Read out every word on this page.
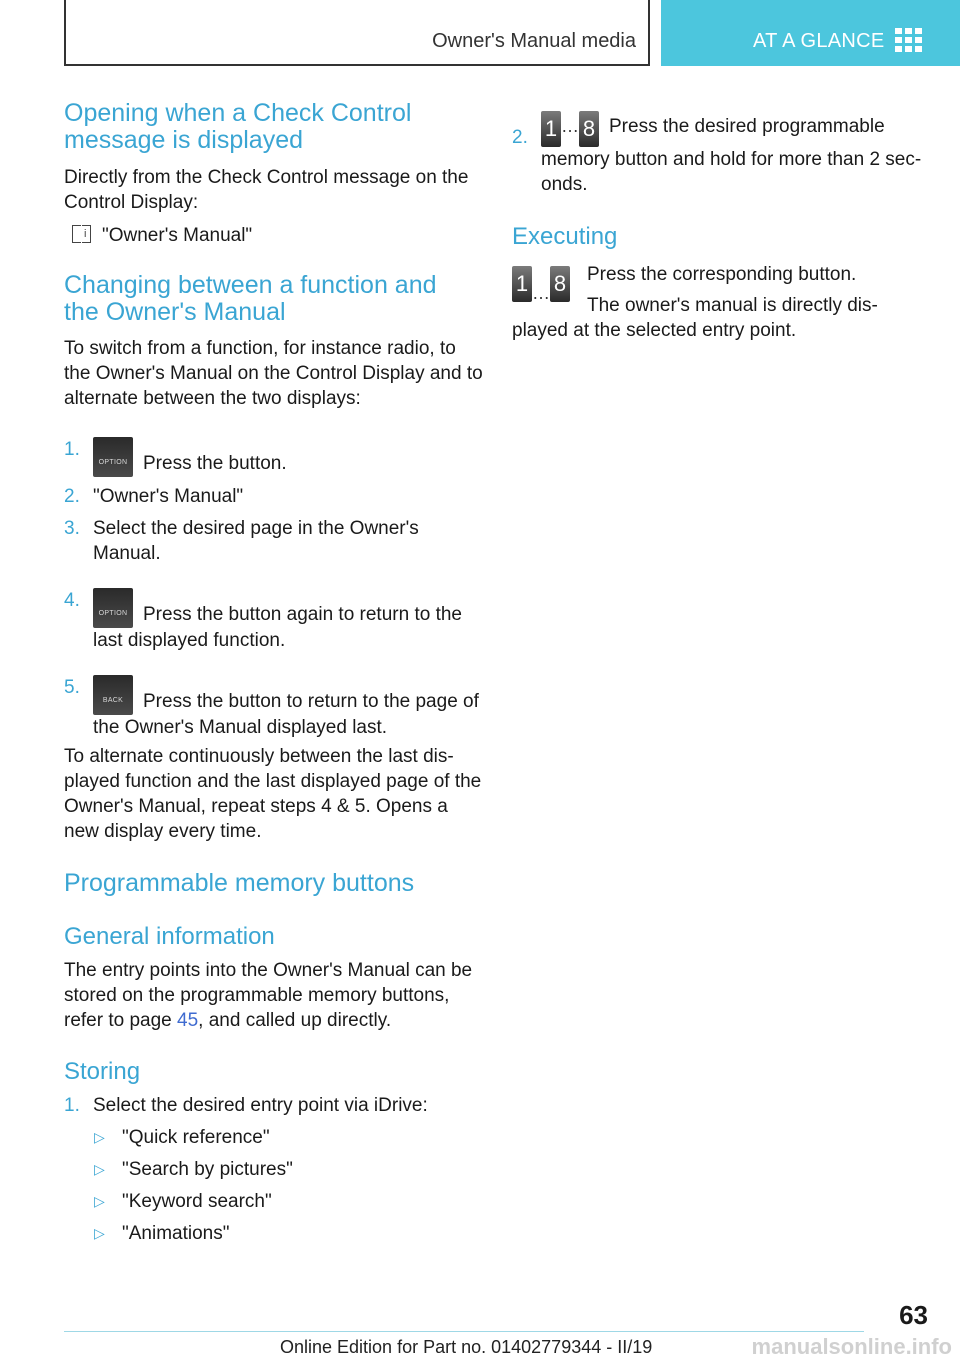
Owner's Manual media	AT A GLANCE
Opening when a Check Control message is displayed

Directly from the Check Control message on the Control Display:

i "Owner's Manual"

Changing between a function and the Owner's Manual

To switch from a function, for instance radio, to the Owner's Manual on the Control Display and to alternate between the two displays:

1.
OPTION Press the button.
2. "Owner's Manual"
3. Select the desired page in the Owner's Manual.
4.
OPTION Press the button again to return to the last displayed function.
5.
BACK	Press the button to return to the page of the Owner's Manual displayed last.

To alternate continuously between the last dis-played function and the last displayed page of the Owner's Manual, repeat steps 4 & 5. Opens a new display every time.

Programmable memory buttons
General information

The entry points into the Owner's Manual can be stored on the programmable memory buttons, refer to page 45, and called up directly.

Storing
1. Select the desired entry point via iDrive:
▷ "Quick reference"
▷ "Search by pictures"
▷ "Keyword search"
▷ "Animations"
2. 1 … 8 Press the desired programmable memory button and hold for more than 2 sec-onds.
Executing
1 … 8	Press the corresponding button.

The owner's manual is directly dis-played at the selected entry point.

63
Online Edition for Part no. 01402779344 - II/19	manualsonline.info
